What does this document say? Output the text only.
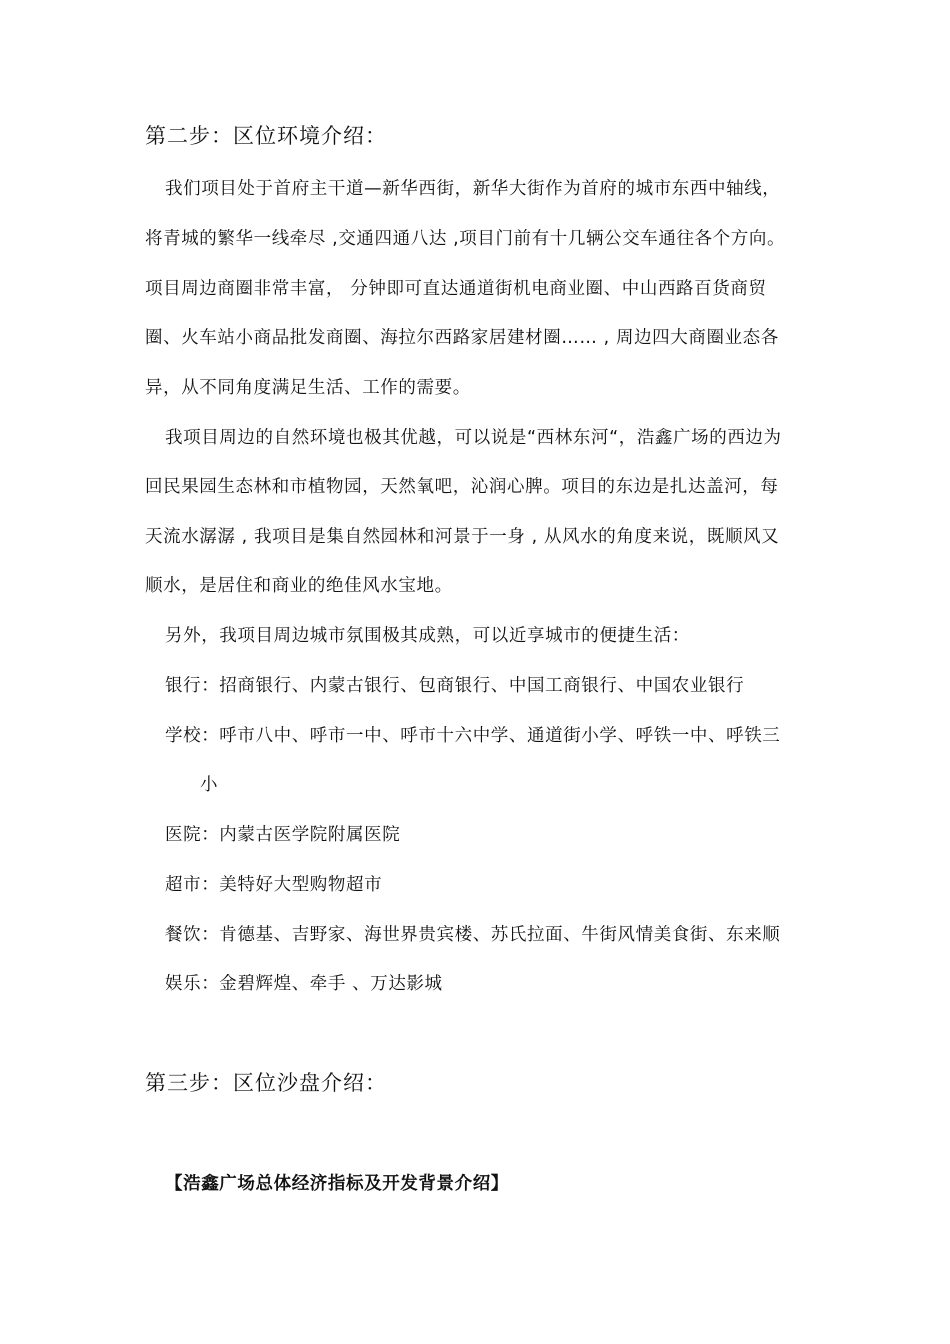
第二步：区位环境介绍：
我们项目处于首府主干道—新华西街，新华大街作为首府的城市东西中轴线，
将青城的繁华一线牵尽 ,交通四通八达 ,项目门前有十几辆公交车通往各个方向。
项目周边商圈非常丰富， 分钟即可直达通道街机电商业圈、中山西路百货商贸
圈、火车站小商品批发商圈、海拉尔西路家居建材圈…… , 周边四大商圈业态各
异，从不同角度满足生活、工作的需要。
我项目周边的自然环境也极其优越，可以说是“西林东河“，浩鑫广场的西边为
回民果园生态林和市植物园，天然氧吧，沁润心脾。项目的东边是扎达盖河，每
天流水潺潺 , 我项目是集自然园林和河景于一身 , 从风水的角度来说，既顺风又
顺水，是居住和商业的绝佳风水宝地。
另外，我项目周边城市氛围极其成熟，可以近享城市的便捷生活：
银行：招商银行、内蒙古银行、包商银行、中国工商银行、中国农业银行
学校：呼市八中、呼市一中、呼市十六中学、通道街小学、呼铁一中、呼铁三
小
医院：内蒙古医学院附属医院
超市：美特好大型购物超市
餐饮：肯德基、吉野家、海世界贵宾楼、苏氏拉面、牛街风情美食街、东来顺
娱乐：金碧辉煌、牵手 、万达影城
第三步：区位沙盘介绍：
【浩鑫广场总体经济指标及开发背景介绍】
